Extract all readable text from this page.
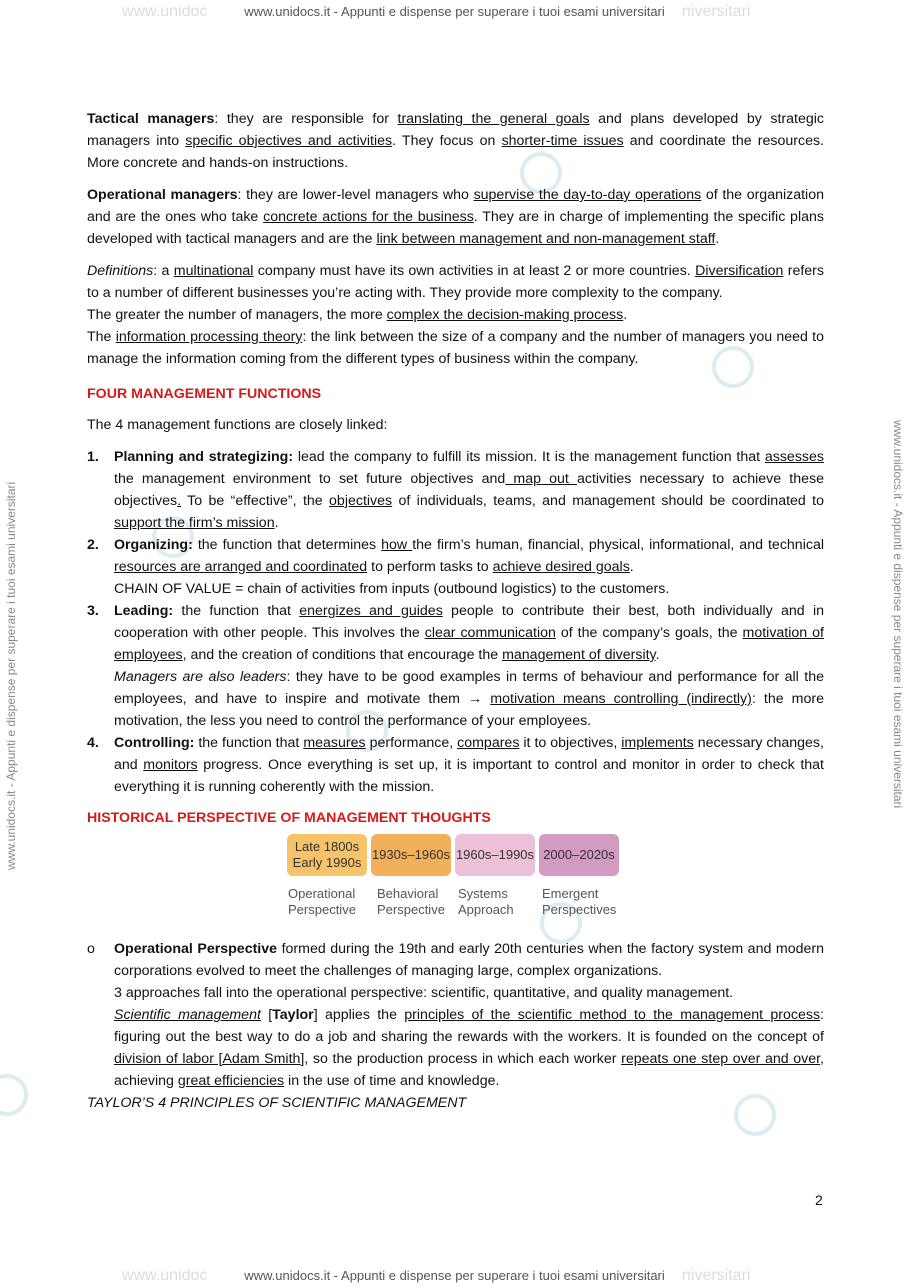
www.unidoc	www.unidocs.it - Appunti e dispense per superare i tuoi esami universitari niversitari
www.unidocs.it - Appunti e dispense per superare i tuoi esami universitari	www.unidocs.it - Appunti e dispense per superare i tuoi esami universitari

Tactical managers: they are responsible for translating the general goals and plans developed by strategic managers into specific objectives and activities. They focus on shorter-time issues and coordinate the resources. More concrete and hands-on instructions.

Operational managers: they are lower-level managers who supervise the day-to-day operations of the organization and are the ones who take concrete actions for the business. They are in charge of implementing the specific plans developed with tactical managers and are the link between management and non-management staff.

Definitions: a multinational company must have its own activities in at least 2 or more countries. Diversification refers to a number of different businesses you’re acting with. They provide more complexity to the company.

The greater the number of managers, the more complex the decision-making process.

The information processing theory: the link between the size of a company and the number of managers you need to manage the information coming from the different types of business within the company.

FOUR MANAGEMENT FUNCTIONS

The 4 management functions are closely linked:

1. Planning and strategizing: lead the company to fulfill its mission. It is the management function that assesses the management environment to set future objectives and map out activities necessary to achieve these objectives. To be “effective”, the objectives of individuals, teams, and management should be coordinated to support the firm’s mission.
2. Organizing: the function that determines how the firm’s human, financial, physical, informational, and technical resources are arranged and coordinated to perform tasks to achieve desired goals.
CHAIN OF VALUE = chain of activities from inputs (outbound logistics) to the customers.
3. Leading: the function that energizes and guides people to contribute their best, both individually and in cooperation with other people. This involves the clear communication of the company’s goals, the motivation of employees, and the creation of conditions that encourage the management of diversity.
Managers are also leaders: they have to be good examples in terms of behaviour and performance for all the employees, and have to inspire and motivate them → motivation means controlling (indirectly): the more motivation, the less you need to control the performance of your employees.
4. Controlling: the function that measures performance, compares it to objectives, implements necessary changes, and monitors progress. Once everything is set up, it is important to control and monitor in order to check that everything it is running coherently with the mission.
HISTORICAL PERSPECTIVE OF MANAGEMENT THOUGHTS
Late 1800s
Early 1990s
1930s–1960s 1960s–1990s 2000–2020s
Operational
Perspective
Behavioral
Perspective
Systems
Approach
Emergent
Perspectives
o Operational Perspective formed during the 19th and early 20th centuries when the factory system and modern corporations evolved to meet the challenges of managing large, complex organizations.
3 approaches fall into the operational perspective: scientific, quantitative, and quality management.
Scientific management [Taylor] applies the principles of the scientific method to the management process: figuring out the best way to do a job and sharing the rewards with the workers. It is founded on the concept of division of labor [Adam Smith], so the production process in which each worker repeats one step over and over, achieving great efficiencies in the use of time and knowledge.

TAYLOR’S 4 PRINCIPLES OF SCIENTIFIC MANAGEMENT

2
www.unidoc	www.unidocs.it - Appunti e dispense per superare i tuoi esami universitari niversitari
